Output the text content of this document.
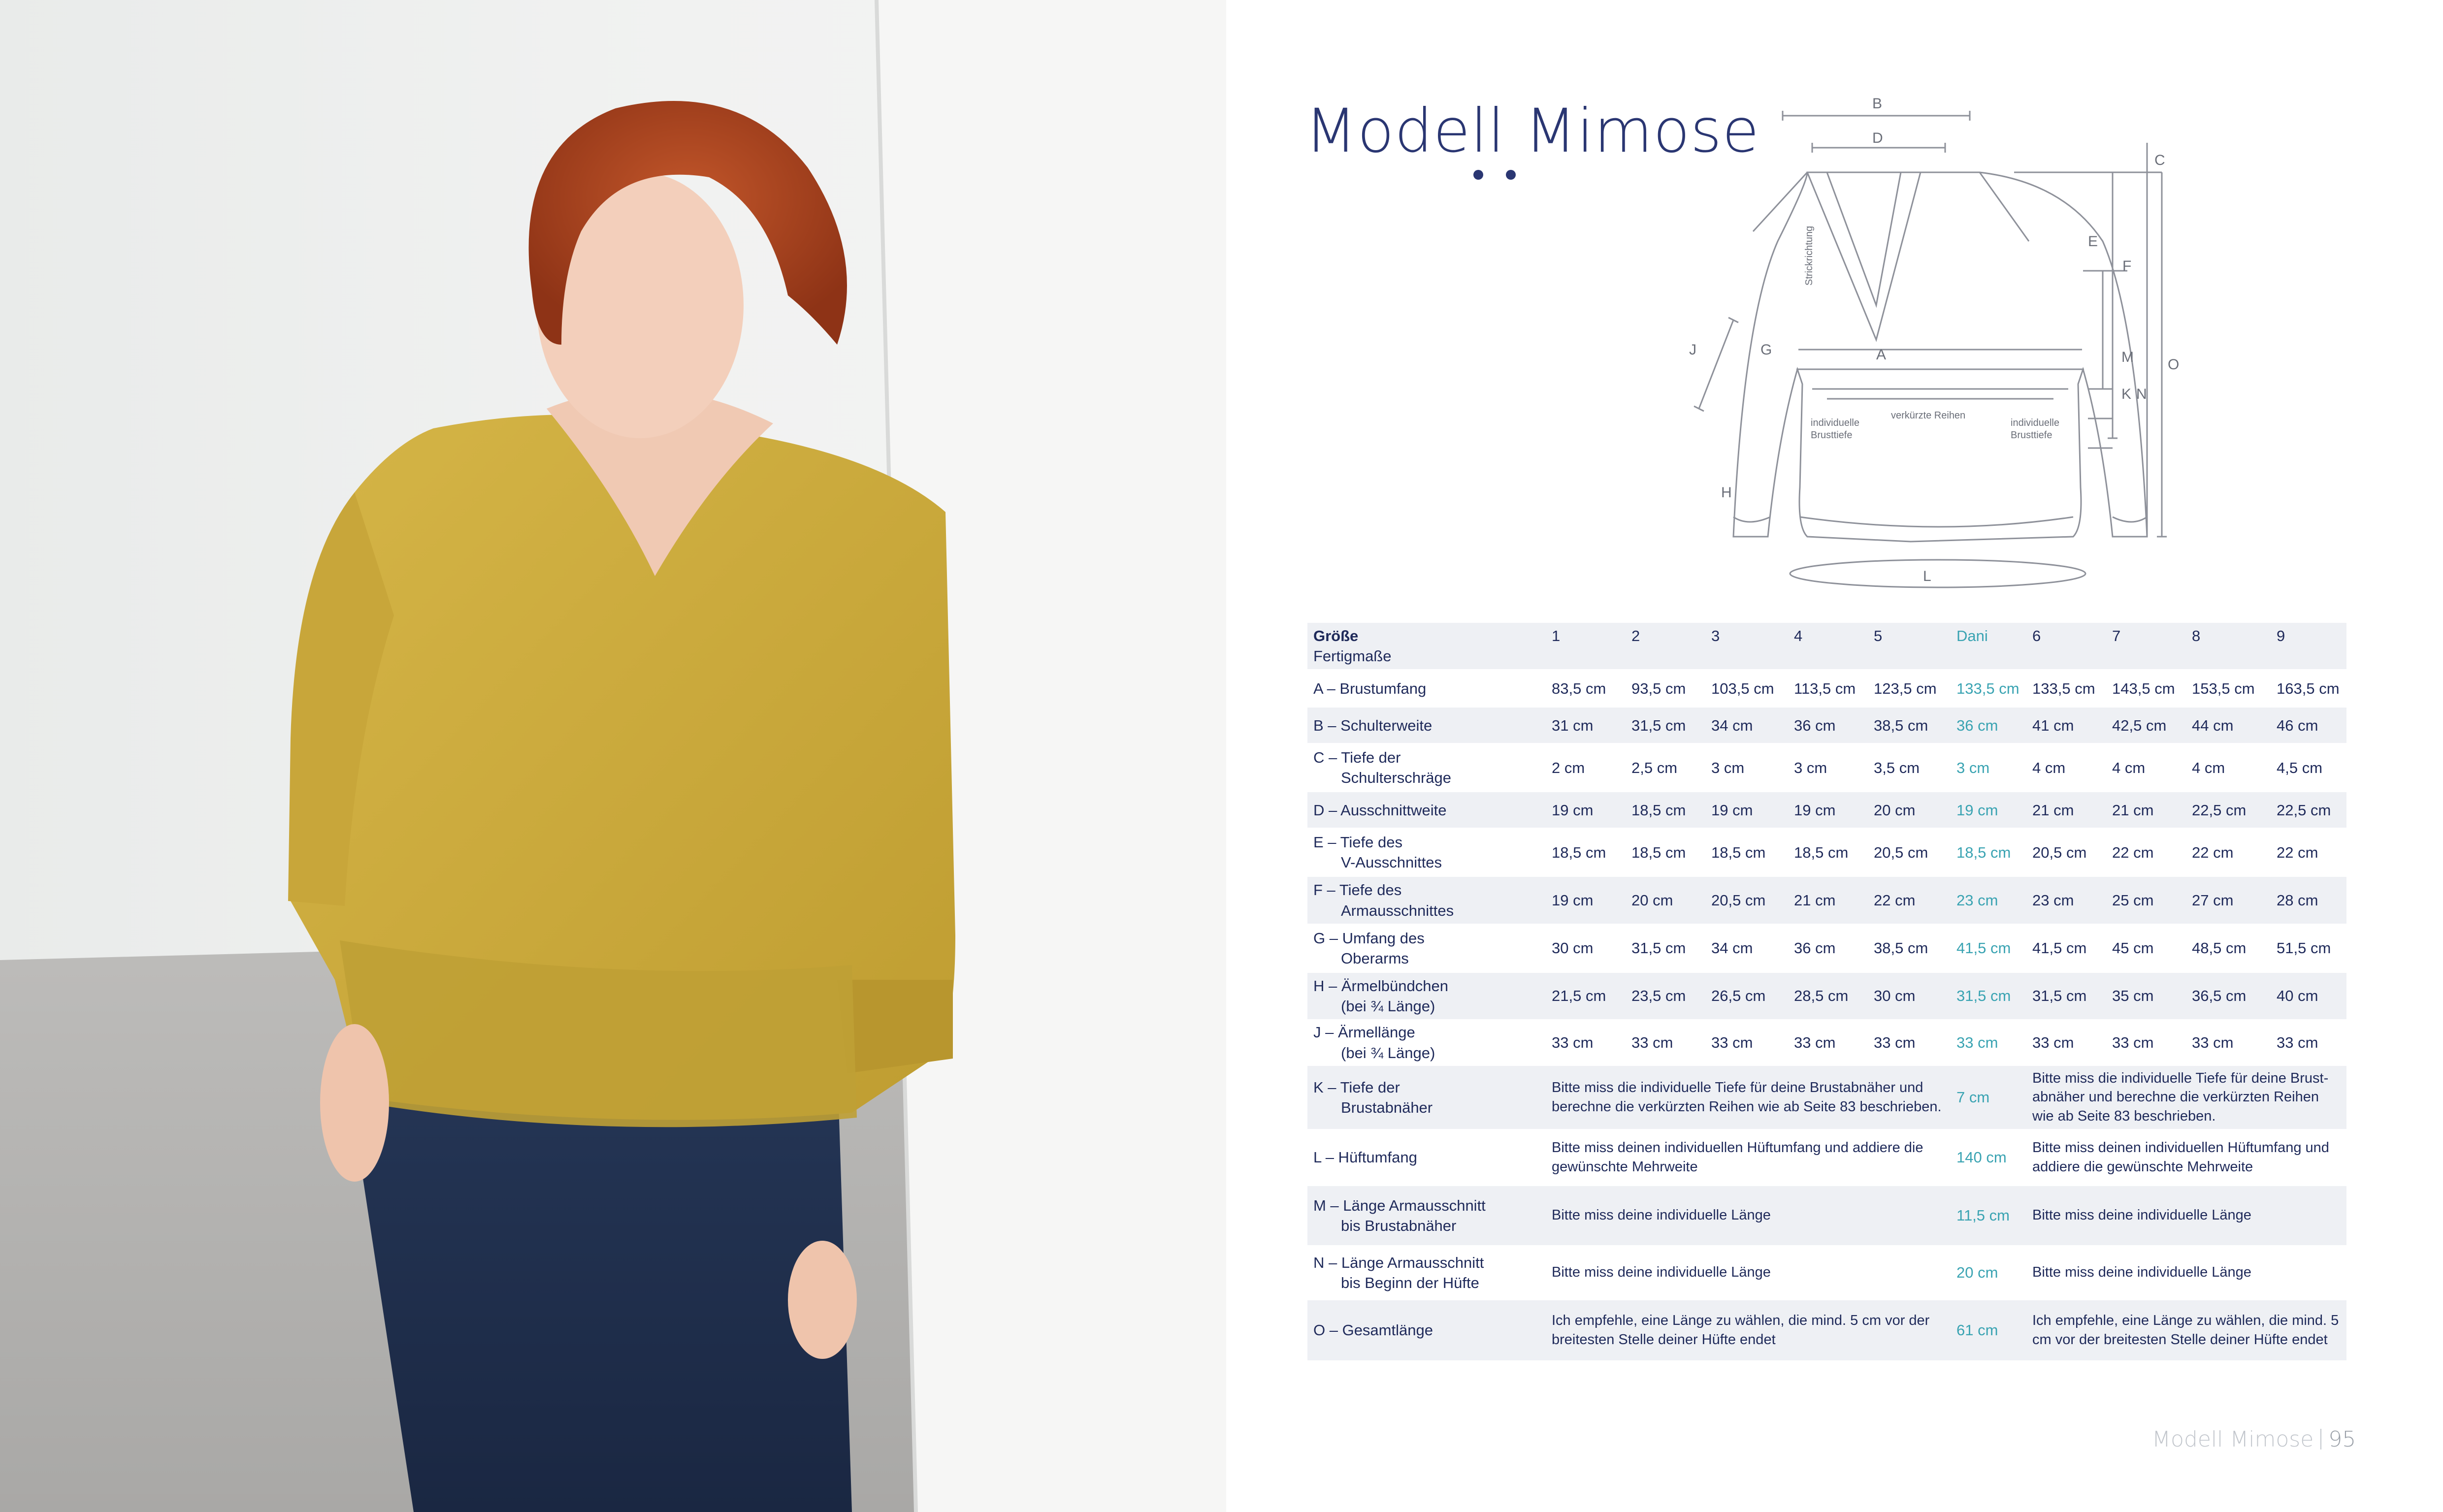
Modell Mimose	B
D
C
E
F
G	A
J	M
K N
O
H
L
Strickrichtung
verkürzte Reihen
individuelle
Brusttiefe
individuelle
Brusttiefe
Größe
Fertigmaße	1	2	3	4	5	Dani	6	7	8	9
A – Brustumfang	83,5 cm	93,5 cm	103,5 cm	113,5 cm	123,5 cm	133,5 cm	133,5 cm	143,5 cm	153,5 cm	163,5 cm
B – Schulterweite	31 cm	31,5 cm	34 cm	36 cm	38,5 cm	36 cm	41 cm	42,5 cm	44 cm	46 cm
C – Tiefe der
Schulterschräge	2 cm	2,5 cm	3 cm	3 cm	3,5 cm	3 cm	4 cm	4 cm	4 cm	4,5 cm
D – Ausschnittweite	19 cm	18,5 cm	19 cm	19 cm	20 cm	19 cm	21 cm	21 cm	22,5 cm	22,5 cm
E – Tiefe des
V-Ausschnittes	18,5 cm	18,5 cm	18,5 cm	18,5 cm	20,5 cm	18,5 cm	20,5 cm	22 cm	22 cm	22 cm
F – Tiefe des
Armausschnittes	19 cm	20 cm	20,5 cm	21 cm	22 cm	23 cm	23 cm	25 cm	27 cm	28 cm
G – Umfang des
Oberarms	30 cm	31,5 cm	34 cm	36 cm	38,5 cm	41,5 cm	41,5 cm	45 cm	48,5 cm	51,5 cm
H – Ärmelbündchen
(bei ¾ Länge)	21,5 cm	23,5 cm	26,5 cm	28,5 cm	30 cm	31,5 cm	31,5 cm	35 cm	36,5 cm	40 cm
J – Ärmellänge
(bei ¾ Länge)	33 cm	33 cm	33 cm	33 cm	33 cm	33 cm	33 cm	33 cm	33 cm	33 cm
K – Tiefe der
Brustabnäher	Bitte miss die individuelle Tiefe für deine Brustabnäher und berechne die verkürzten Reihen wie ab Seite 83 beschrieben.					7 cm	Bitte miss die individuelle Tiefe für deine Brust-abnäher und berechne die verkürzten Reihen wie ab Seite 83 beschrieben.			
L – Hüftumfang	Bitte miss deinen individuellen Hüftumfang und addiere die gewünschte Mehrweite					140 cm	Bitte miss deinen individuellen Hüftumfang und addiere die gewünschte Mehrweite			
M – Länge Armausschnitt
bis Brustabnäher	Bitte miss deine individuelle Länge					11,5 cm	Bitte miss deine individuelle Länge			
N – Länge Armausschnitt
bis Beginn der Hüfte	Bitte miss deine individuelle Länge					20 cm	Bitte miss deine individuelle Länge			
O – Gesamtlänge	Ich empfehle, eine Länge zu wählen, die mind. 5 cm vor der breitesten Stelle deiner Hüfte endet					61 cm	Ich empfehle, eine Länge zu wählen, die mind. 5 cm vor der breitesten Stelle deiner Hüfte endet			
Modell Mimose 95
